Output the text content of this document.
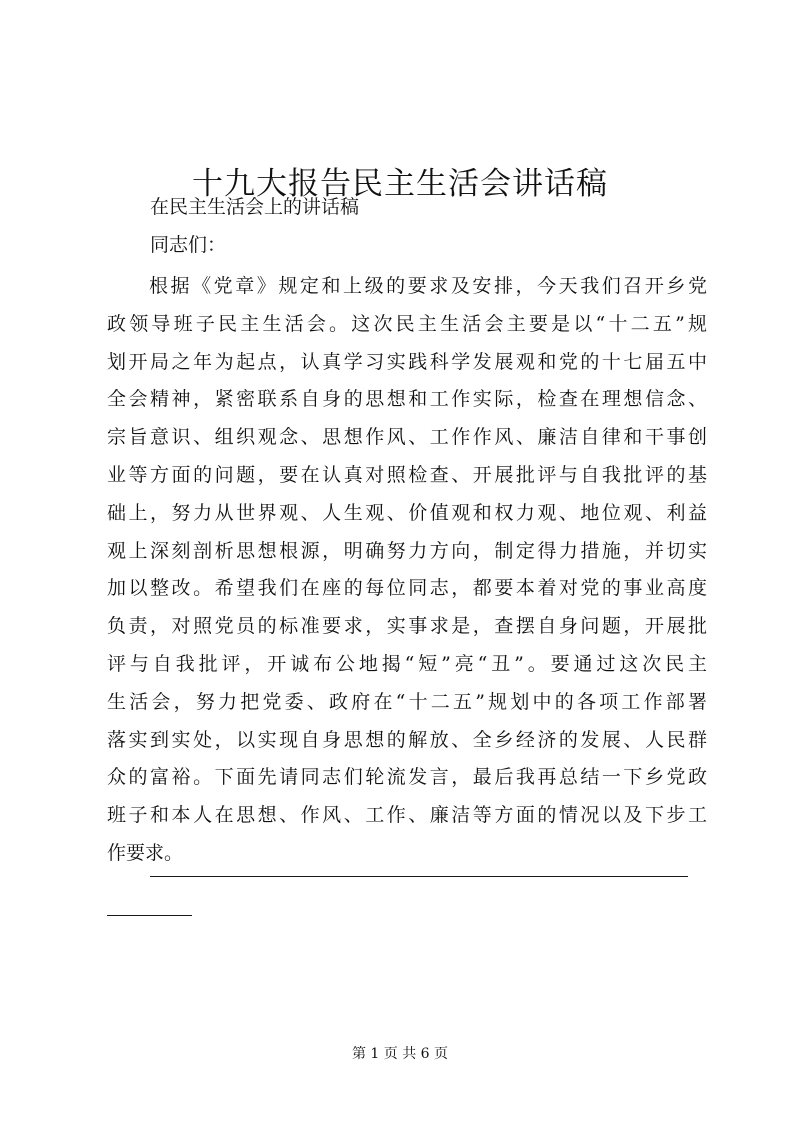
十九大报告民主生活会讲话稿
在民主生活会上的讲话稿
同志们：
根据《党章》规定和上级的要求及安排，今天我们召开乡党
政领导班子民主生活会。这次民主生活会主要是以“十二五”规
划开局之年为起点，认真学习实践科学发展观和党的十七届五中
全会精神，紧密联系自身的思想和工作实际，检查在理想信念、
宗旨意识、组织观念、思想作风、工作作风、廉洁自律和干事创
业等方面的问题，要在认真对照检查、开展批评与自我批评的基
础上，努力从世界观、人生观、价值观和权力观、地位观、利益
观上深刻剖析思想根源，明确努力方向，制定得力措施，并切实
加以整改。希望我们在座的每位同志，都要本着对党的事业高度
负责，对照党员的标准要求，实事求是，查摆自身问题，开展批
评与自我批评，开诚布公地揭“短”亮“丑”。要通过这次民主
生活会，努力把党委、政府在“十二五”规划中的各项工作部署
落实到实处，以实现自身思想的解放、全乡经济的发展、人民群
众的富裕。下面先请同志们轮流发言，最后我再总结一下乡党政
班子和本人在思想、作风、工作、廉洁等方面的情况以及下步工
作要求。
第 1 页 共 6 页
